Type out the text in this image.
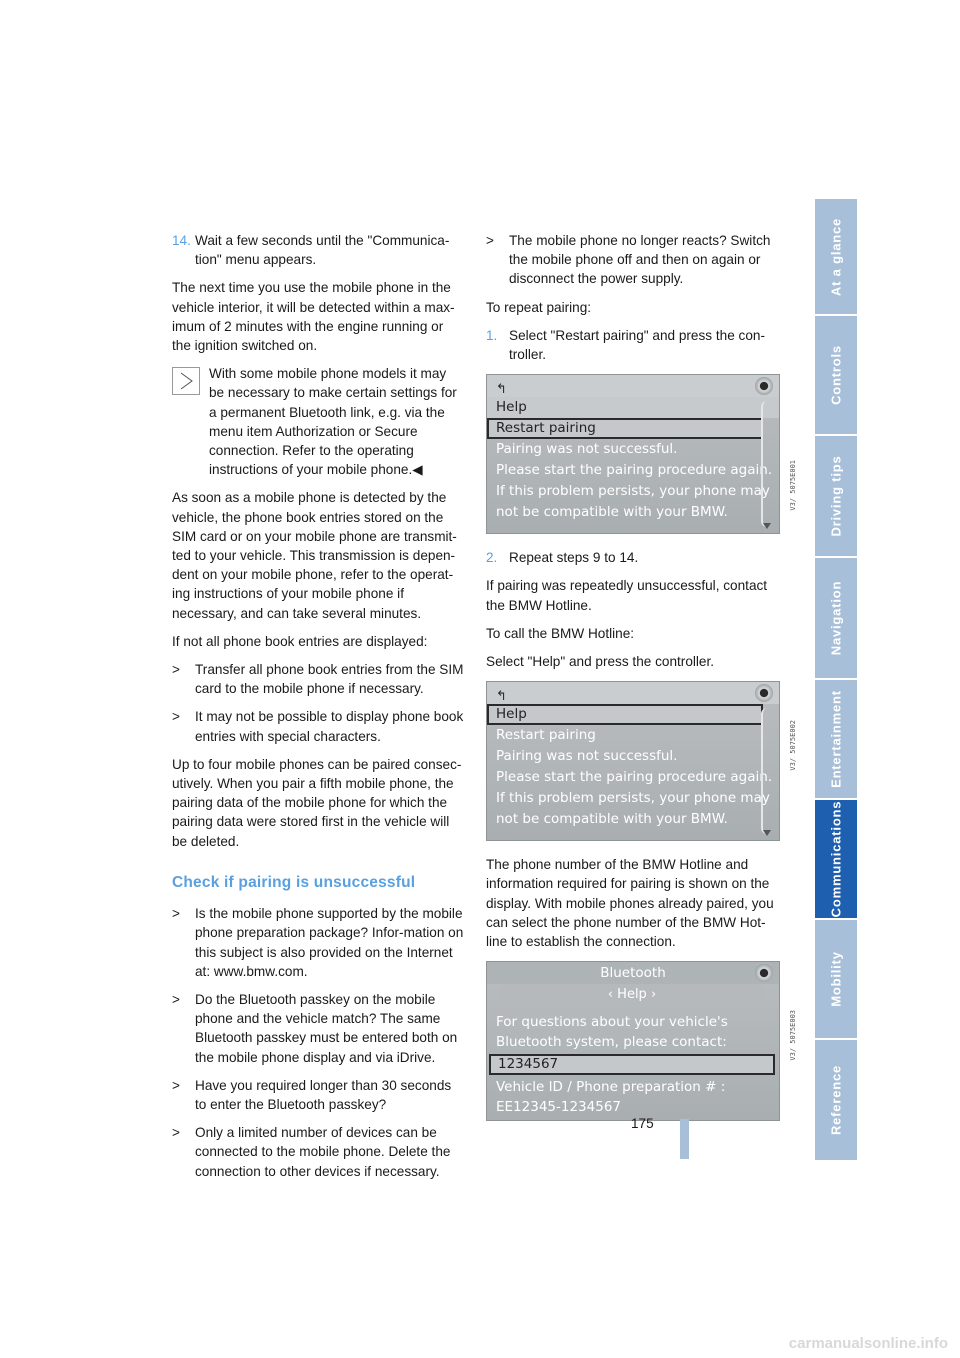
14. Wait a few seconds until the "Communica-tion" menu appears.

The next time you use the mobile phone in the vehicle interior, it will be detected within a max-imum of 2 minutes with the engine running or the ignition switched on.

With some mobile phone models it may be necessary to make certain settings for a permanent Bluetooth link, e.g. via the menu item Authorization or Secure connection. Refer to the operating instructions of your mobile phone.◀

As soon as a mobile phone is detected by the vehicle, the phone book entries stored on the SIM card or on your mobile phone are transmit-ted to your vehicle. This transmission is depen-dent on your mobile phone, refer to the operat-ing instructions of your mobile phone if necessary, and can take several minutes.

If not all phone book entries are displayed:

> Transfer all phone book entries from the SIM card to the mobile phone if necessary.
> It may not be possible to display phone book entries with special characters.

Up to four mobile phones can be paired consec-utively. When you pair a fifth mobile phone, the pairing data of the mobile phone for which the pairing data were stored first in the vehicle will be deleted.

Check if pairing is unsuccessful
> Is the mobile phone supported by the mobile phone preparation package? Infor-mation on this subject is also provided on the Internet at: www.bmw.com.
> Do the Bluetooth passkey on the mobile phone and the vehicle match? The same Bluetooth passkey must be entered both on the mobile phone display and via iDrive.
> Have you required longer than 30 seconds to enter the Bluetooth passkey?
> Only a limited number of devices can be connected to the mobile phone. Delete the connection to other devices if necessary.
> The mobile phone no longer reacts? Switch the mobile phone off and then on again or disconnect the power supply.

To repeat pairing:

1. Select "Restart pairing" and press the con-troller.
↰
Help
Restart pairing
Pairing was not successful.
Please start the pairing procedure again.
If this problem persists, your phone may
not be compatible with your BMW.
2. Repeat steps 9 to 14.

If pairing was repeatedly unsuccessful, contact the BMW Hotline.

To call the BMW Hotline:

Select "Help" and press the controller.

↰
Help
Restart pairing
Pairing was not successful.
Please start the pairing procedure again.
If this problem persists, your phone may
not be compatible with your BMW.

The phone number of the BMW Hotline and information required for pairing is shown on the display. With mobile phones already paired, you can select the phone number of the BMW Hot-line to establish the connection.

Bluetooth
‹ Help ›
For questions about your vehicle's
Bluetooth system, please contact:
1234567
Vehicle ID / Phone preparation # :
EE12345-1234567
V3/ 5075E001
V3/ 5075E002
V3/ 5075E003
At a glance
Controls
Driving tips
Navigation
Entertainment
Communications
Mobility
Reference
175
carmanualsonline.info
